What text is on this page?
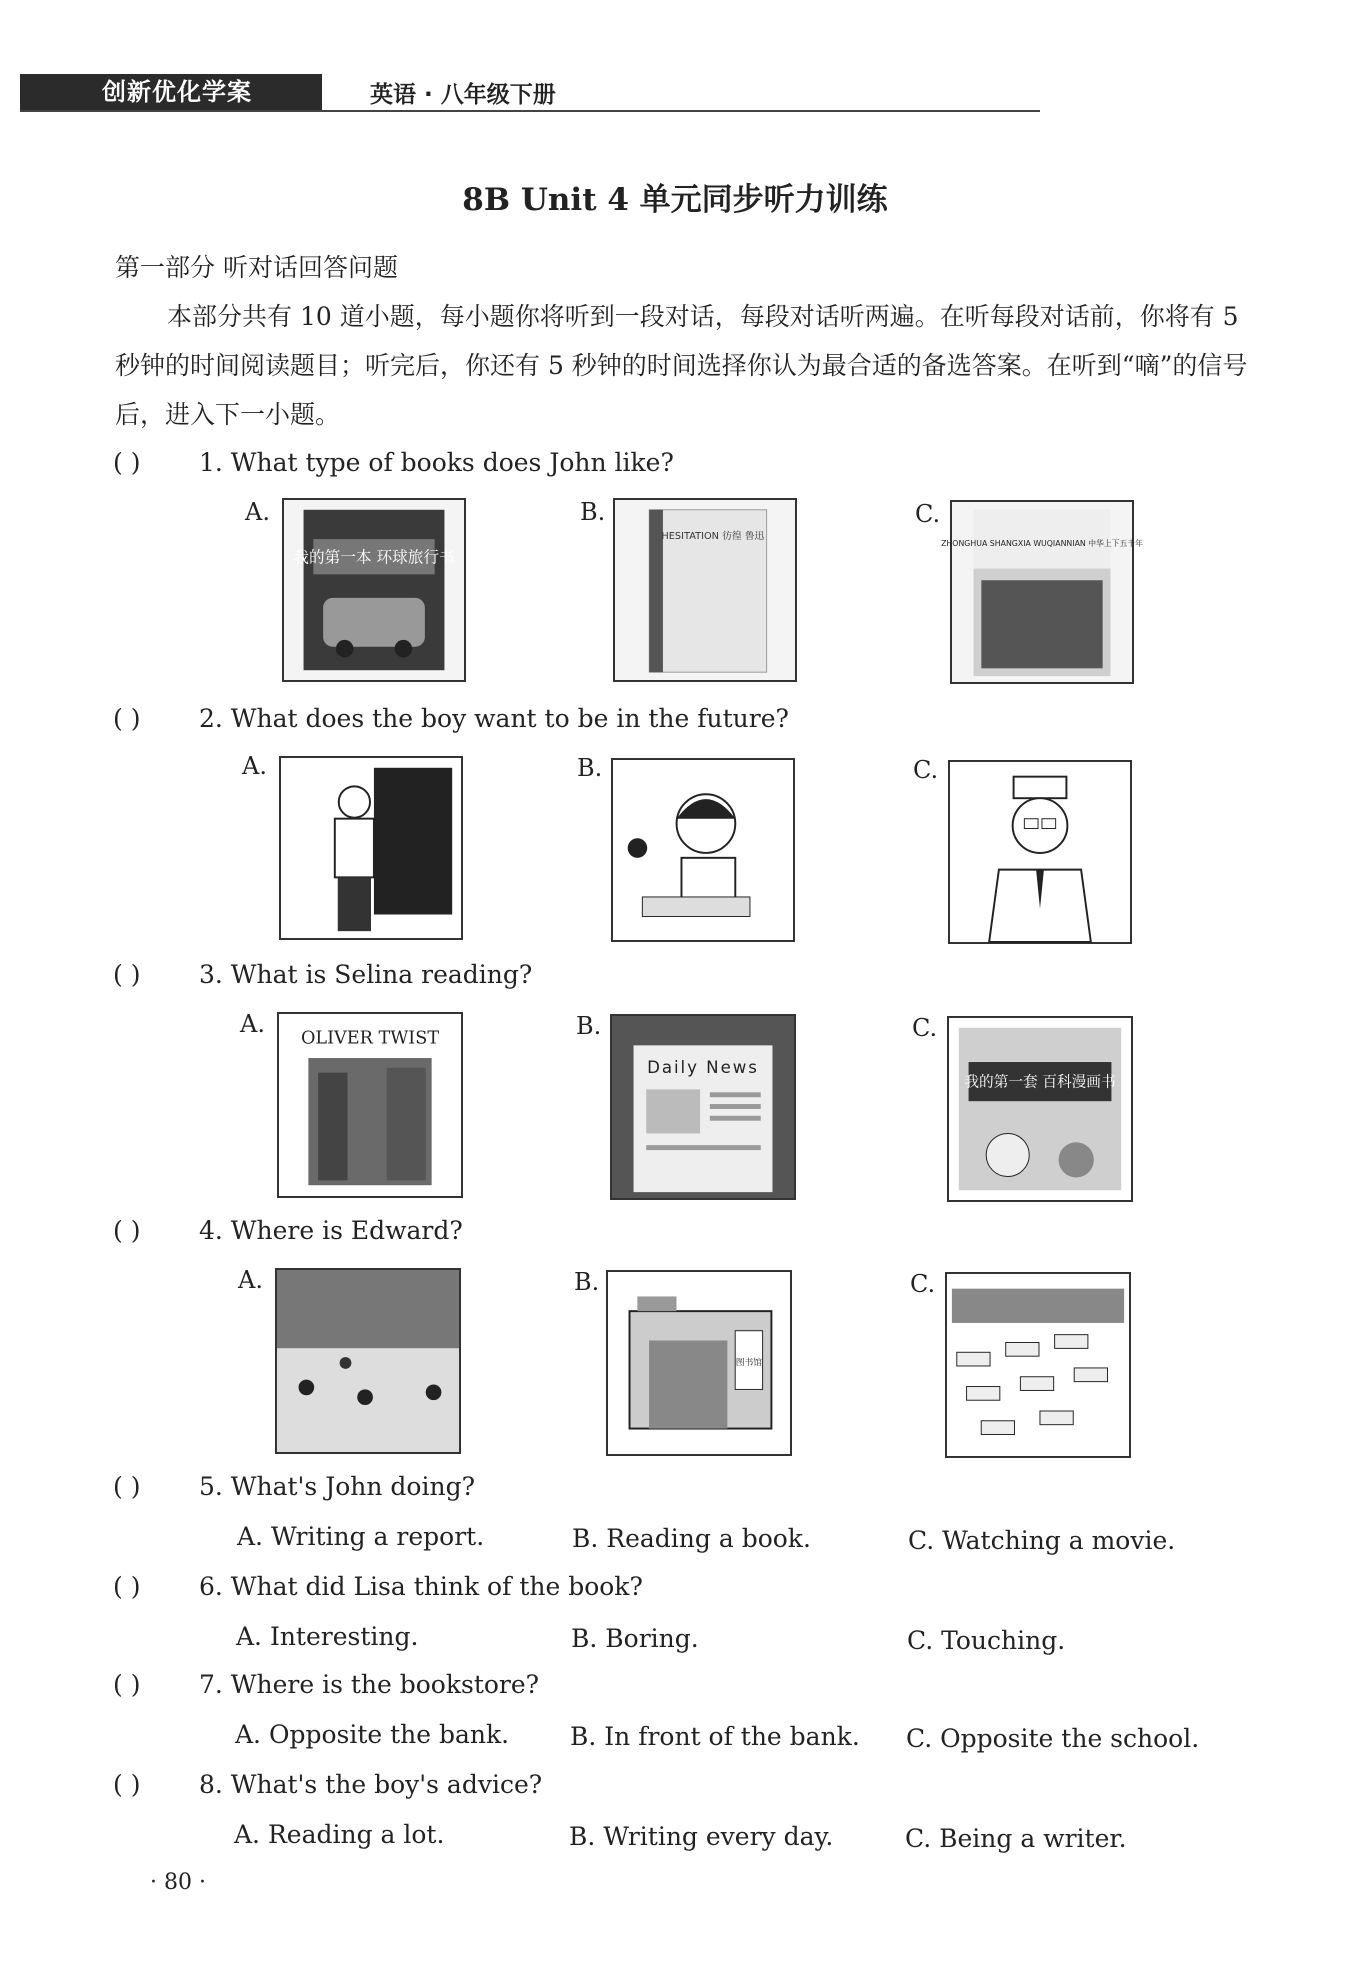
创新优化学案	英语 · 八年级下册
8B Unit 4 单元同步听力训练
第一部分 听对话回答问题
本部分共有 10 道小题，每小题你将听到一段对话，每段对话听两遍。在听每段对话前，你将有 5 秒钟的时间阅读题目；听完后，你还有 5 秒钟的时间选择你认为最合适的备选答案。在听到“嘀”的信号后，进入下一小题。
( ) 1. What type of books does John like?
A.	B.	C.
我的第一本 环球旅行书
HESITATION 彷徨 鲁迅
ZHONGHUA SHANGXIA WUQIANNIAN 中华上下五千年
( ) 2. What does the boy want to be in the future?
A.	B.	C.
( ) 3. What is Selina reading?
A.	B.	C.
OLIVER TWIST
Daily News
我的第一套 百科漫画书
( ) 4. Where is Edward?
A.	B.	C.
图书馆
( ) 5. What's John doing?
A. Writing a report.	B. Reading a book.	C. Watching a movie.
( ) 6. What did Lisa think of the book?
A. Interesting.	B. Boring.	C. Touching.
( ) 7. Where is the bookstore?
A. Opposite the bank. B. In front of the bank. C. Opposite the school.
( ) 8. What's the boy's advice?
A. Reading a lot.	B. Writing every day.	C. Being a writer.
· 80 ·
